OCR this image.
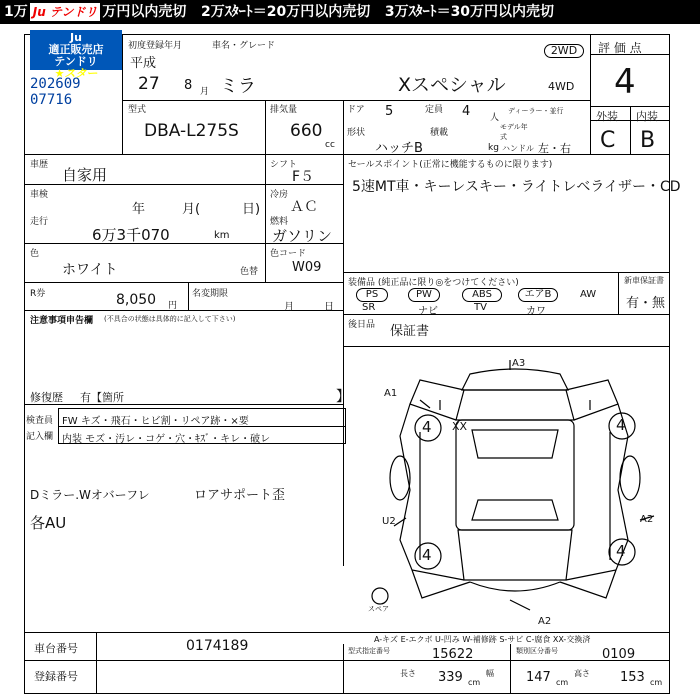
1万 Ju テンドリ 万円以内売切 2万ｽﾀｰﾄ＝20万円以内売切 3万ｽﾀｰﾄ＝30万円以内売切
Ju
適正販売店
テンドリ
★スター
202609
07716
初度登録年月	車名・グレード
平成
27 8 月 ミラ	Xスペシャル
2WD
4WD
評 価 点
4
型式
DBA-L275S
排気量
660
cc
ドア 5	定員 4 人
形状	積載
ハッチB	kg
ディーラー・並行
モデル年式
ハンドル 左・右
外装 内装
C B
車歴
自家用
シフト
F５
車検
年	月(	日)
冷房
ＡＣ
走行
6万3千070	km
燃料
ガソリン
色
ホワイト	色替
色コード
W09
R券	8,050 円
名変期限
月	日
注意事項申告欄 (不具合の状態は具体的に記入して下さい)
修復歴 有【箇所	】
検査員
記入欄
FW キズ・飛石・ヒビ割・リペア跡・×要
内装 モズ・汚レ・コゲ・穴・ｷｽﾞ・キレ・破レ
セールスポイント(正常に機能するものに限ります)
5速MT車・キーレスキー・ライトレベライザー・CD
装備品 (純正品に限り◎をつけてください)
PS	PW	ABS	エアB	AW
SR	ナビ	TV	カワ
新車保証書
有・無
後日品 保証書
Dミラー.Wオバーフレ	ロアサポート歪
各AU
A3
A1
XX
U2	A2
A2
4	4
4	4
スペア
A-キズ E-エクボ U-凹み W-補修跡 S-サビ C-腐食 XX-交換済
車台番号	0174189
登録番号
型式指定番号	15622	類別区分番号	0109
長さ 339 cm
幅 147 cm
高さ 153 cm
